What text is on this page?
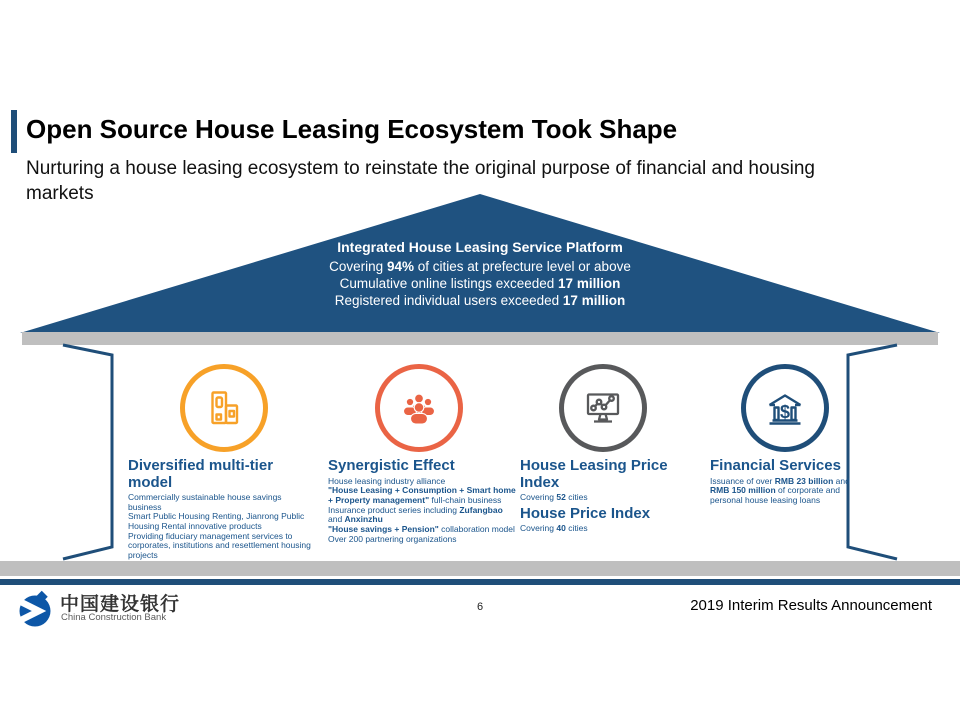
Open Source House Leasing Ecosystem Took Shape
Nurturing a house leasing ecosystem to reinstate the original purpose of financial and housing markets
Integrated House Leasing Service Platform
Covering 94% of cities at prefecture level or above
Cumulative online listings exceeded 17 million
Registered individual users exceeded 17 million
Diversified multi-tier model
Commercially sustainable house savings business
Smart Public Housing Renting, Jianrong Public Housing Rental innovative products
Providing fiduciary management services to corporates, institutions and resettlement housing projects
Synergistic Effect
House leasing industry alliance
"House Leasing + Consumption + Smart home + Property management" full-chain business
Insurance product series including Zufangbao and Anxinzhu
"House savings + Pension" collaboration model
Over 200 partnering organizations
House Leasing Price Index
Covering 52 cities
House Price Index
Covering 40 cities
$
Financial Services
Issuance of over RMB 23 billion and RMB 150 million of corporate and personal house leasing loans
中国建设银行
China Construction Bank
6	2019 Interim Results Announcement
